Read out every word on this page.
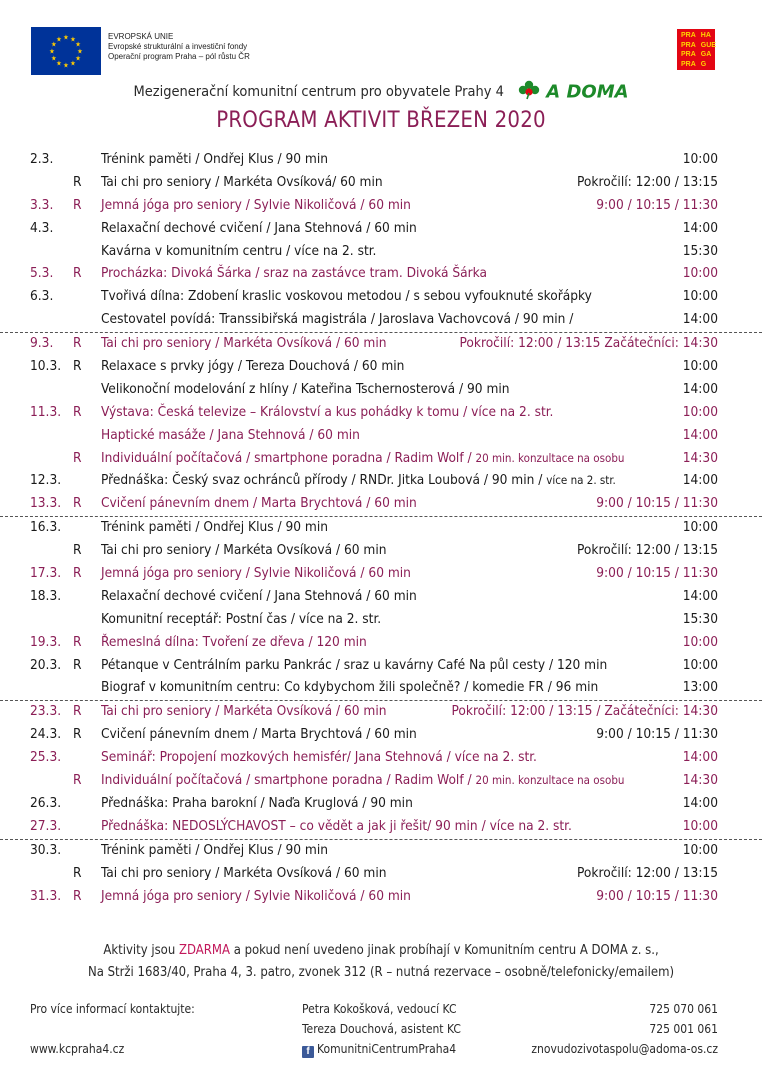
★ ★
★
★
★
★
★
★
★
★
★
★	EVROPSKÁ UNIE
Evropské strukturální a investiční fondy
Operační program Praha – pól růstu ČR
PRA HA
PRA GUE
PRA GA
PRA G
Mezigenerační komunitní centrum pro obyvatele Prahy 4 A DOMA
PROGRAM AKTIVIT BŘEZEN 2020
2.3.	Trénink paměti / Ondřej Klus / 90 min	10:00
R Tai chi pro seniory / Markéta Ovsíková/ 60 min	Pokročilí: 12:00 / 13:15
3.3. R Jemná jóga pro seniory / Sylvie Nikoličová / 60 min	9:00 / 10:15 / 11:30
4.3.	Relaxační dechové cvičení / Jana Stehnová / 60 min	14:00
Kavárna v komunitním centru / více na 2. str.	15:30
5.3. R Procházka: Divoká Šárka / sraz na zastávce tram. Divoká Šárka	10:00
6.3.	Tvořivá dílna: Zdobení kraslic voskovou metodou / s sebou vyfouknuté skořápky	10:00
Cestovatel povídá: Transsibiřská magistrála / Jaroslava Vachovcová / 90 min /	14:00
9.3. R Tai chi pro seniory / Markéta Ovsíková / 60 min	Pokročilí: 12:00 / 13:15 Začátečníci: 14:30
10.3. R Relaxace s prvky jógy / Tereza Douchová / 60 min	10:00
Velikonoční modelování z hlíny / Kateřina Tschernosterová / 90 min	14:00
11.3. R Výstava: Česká televize – Království a kus pohádky k tomu / více na 2. str.	10:00
Haptické masáže / Jana Stehnová / 60 min	14:00
R Individuální počítačová / smartphone poradna / Radim Wolf / 20 min. konzultace na osobu	14:30
12.3.	Přednáška: Český svaz ochránců přírody / RNDr. Jitka Loubová / 90 min / více na 2. str.	14:00
13.3. R Cvičení pánevním dnem / Marta Brychtová / 60 min	9:00 / 10:15 / 11:30
16.3.	Trénink paměti / Ondřej Klus / 90 min	10:00
R Tai chi pro seniory / Markéta Ovsíková / 60 min	Pokročilí: 12:00 / 13:15
17.3. R Jemná jóga pro seniory / Sylvie Nikoličová / 60 min	9:00 / 10:15 / 11:30
18.3.	Relaxační dechové cvičení / Jana Stehnová / 60 min	14:00
Komunitní receptář: Postní čas / více na 2. str.	15:30
19.3. R Řemeslná dílna: Tvoření ze dřeva / 120 min	10:00
20.3. R Pétanque v Centrálním parku Pankrác / sraz u kavárny Café Na půl cesty / 120 min	10:00
Biograf v komunitním centru: Co kdybychom žili společně? / komedie FR / 96 min	13:00
23.3. R Tai chi pro seniory / Markéta Ovsíková / 60 min	Pokročilí: 12:00 / 13:15 / Začátečníci: 14:30
24.3. R Cvičení pánevním dnem / Marta Brychtová / 60 min	9:00 / 10:15 / 11:30
25.3.	Seminář: Propojení mozkových hemisfér/ Jana Stehnová / více na 2. str.	14:00
R Individuální počítačová / smartphone poradna / Radim Wolf / 20 min. konzultace na osobu	14:30
26.3.	Přednáška: Praha barokní / Naďa Kruglová / 90 min	14:00
27.3.	Přednáška: NEDOSLÝCHAVOST – co vědět a jak ji řešit/ 90 min / více na 2. str.	10:00
30.3.	Trénink paměti / Ondřej Klus / 90 min	10:00
R Tai chi pro seniory / Markéta Ovsíková / 60 min	Pokročilí: 12:00 / 13:15
31.3. R Jemná jóga pro seniory / Sylvie Nikoličová / 60 min	9:00 / 10:15 / 11:30
Aktivity jsou ZDARMA a pokud není uvedeno jinak probíhají v Komunitním centru A DOMA z. s.,
Na Strži 1683/40, Praha 4, 3. patro, zvonek 312 (R – nutná rezervace – osobně/telefonicky/emailem)
Pro více informací kontaktujte:
www.kcpraha4.cz
Petra Kokošková, vedoucí KC
Tereza Douchová, asistent KC
f KomunitniCentrumPraha4
725 070 061
725 001 061
znovudozivotaspolu@adoma-os.cz
